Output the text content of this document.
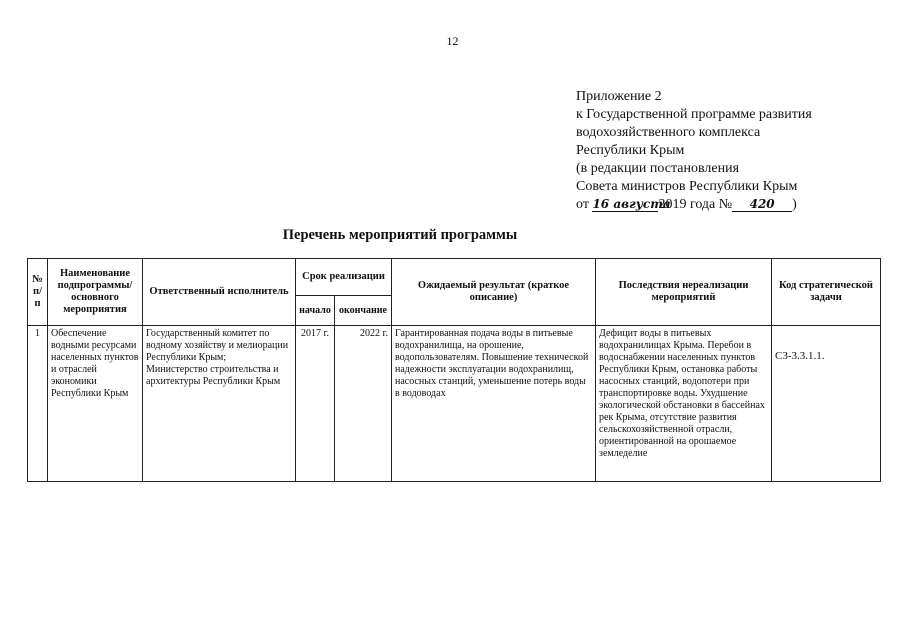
12
Приложение 2
к Государственной программе развития
водохозяйственного комплекса
Республики Крым
(в редакции постановления
Совета министров Республики Крым
от 16 августа2019 года № 420 )
Перечень мероприятий программы
№ п/ п	Наименование подпрограммы/ основного мероприятия	Ответственный исполнитель	Срок реализации		Ожидаемый результат (краткое описание)	Последствия нереализации мероприятий	Код стратегической задачи
			начало	окончание			
1	Обеспечение водными ресурсами населенных пунктов и отраслей экономики Республики Крым	Государственный комитет по водному хозяйству и мелиорации Республики Крым;
Министерство строительства и архитектуры Республики Крым	2017 г.	2022 г.	Гарантированная подача воды в питьевые водохранилища, на орошение, водопользователям. Повышение технической надежности эксплуатации водохранилищ, насосных станций, уменьшение потерь воды в водоводах	Дефицит воды в питьевых водохранилищах Крыма. Перебои в водоснабжении населенных пунктов Республики Крым, остановка работы насосных станций, водопотери при транспортировке воды. Ухудшение экологической обстановки в бассейнах рек Крыма, отсутствие развития сельскохозяйственной отрасли, ориентированной на орошаемое земледелие	С3-3.3.1.1.
